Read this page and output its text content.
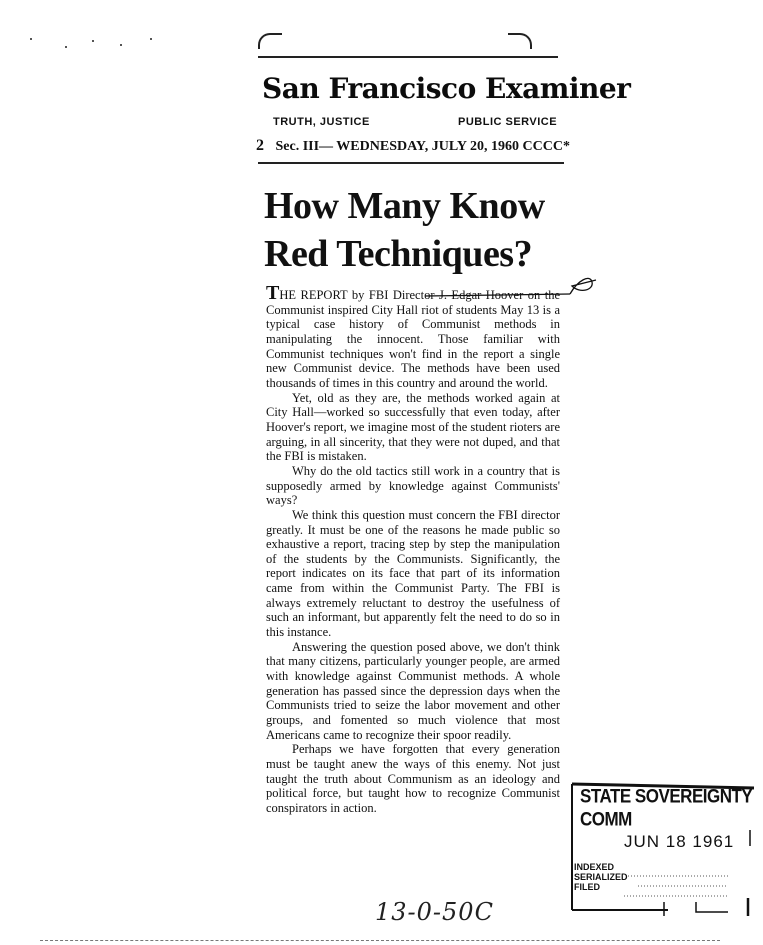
San Francisco Examiner
TRUTH, JUSTICE	PUBLIC SERVICE
2 Sec. III— WEDNESDAY, JULY 20, 1960 CCCC*
How Many Know
Red Techniques?

THE REPORT by FBI Director J. Edgar Hoover on the Communist inspired City Hall riot of students May 13 is a typical case history of Communist methods in manipulating the innocent. Those familiar with Communist techniques won't find in the report a single new Communist device. The methods have been used thousands of times in this country and around the world.

Yet, old as they are, the methods worked again at City Hall—worked so successfully that even today, after Hoover's report, we imagine most of the student rioters are arguing, in all sincerity, that they were not duped, and that the FBI is mistaken.

Why do the old tactics still work in a country that is supposedly armed by knowledge against Communists' ways?

We think this question must concern the FBI director greatly. It must be one of the reasons he made public so exhaustive a report, tracing step by step the manipulation of the students by the Communists. Significantly, the report indicates on its face that part of its information came from within the Communist Party. The FBI is always extremely reluctant to destroy the usefulness of such an informant, but apparently felt the need to do so in this instance.

Answering the question posed above, we don't think that many citizens, particularly younger people, are armed with knowledge against Communist methods. A whole generation has passed since the depression days when the Communists tried to seize the labor movement and other groups, and fomented so much violence that most Americans came to recognize their spoor readily.

Perhaps we have forgotten that every generation must be taught anew the ways of this enemy. Not just taught the truth about Communism as an ideology and political force, but taught how to recognize Communist conspirators in action.

STATE SOVEREIGNTY COMM
JUN 18 1961
INDEXED
SERIALIZED
FILED
13-0-50C
